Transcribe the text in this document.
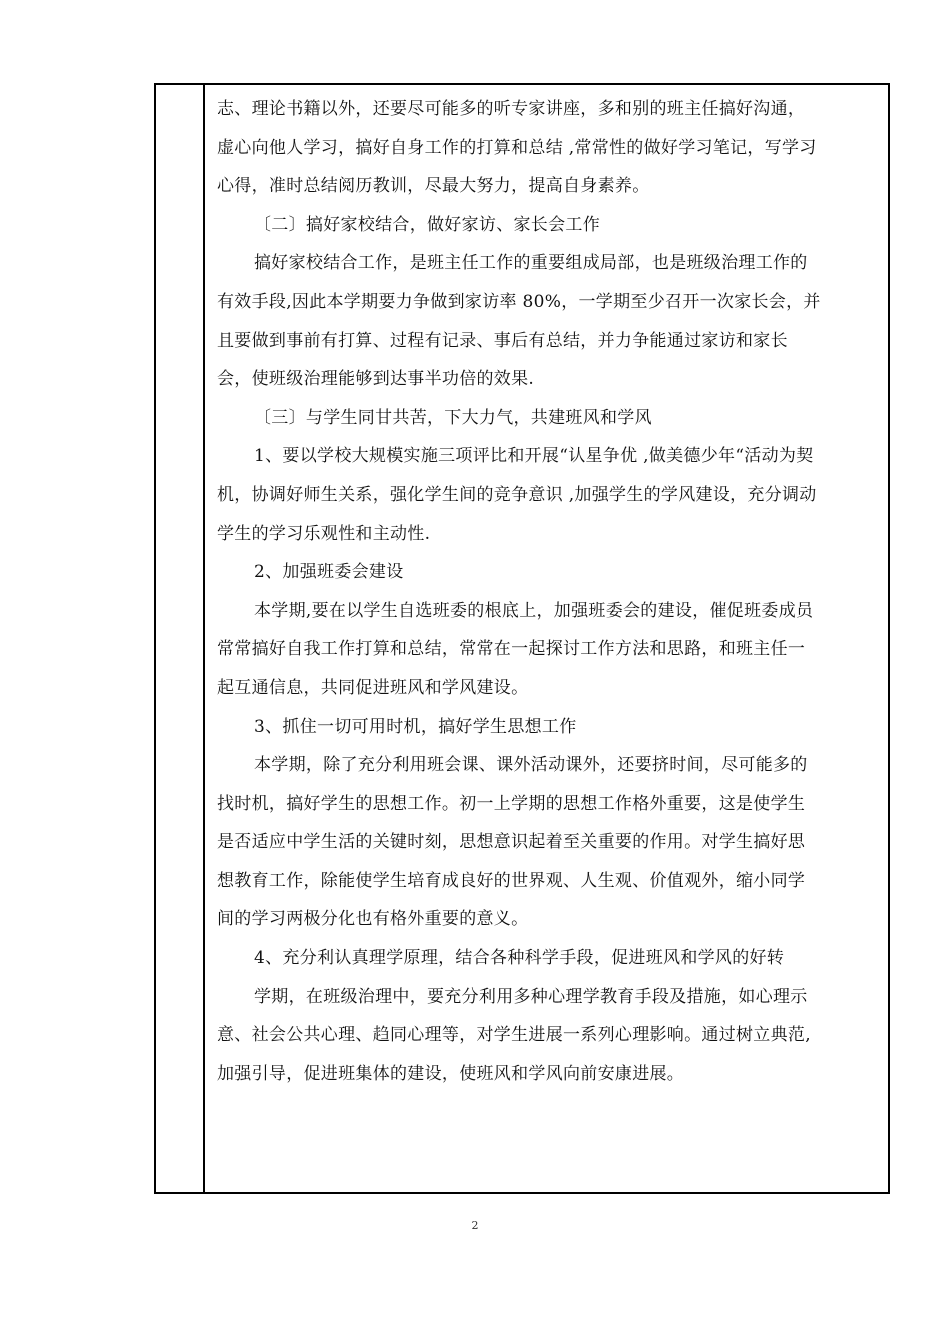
志、理论书籍以外，还要尽可能多的听专家讲座，多和别的班主任搞好沟通，
虚心向他人学习，搞好自身工作的打算和总结 ,常常性的做好学习笔记，写学习
心得，准时总结阅历教训，尽最大努力，提高自身素养。
〔二〕搞好家校结合，做好家访、家长会工作
搞好家校结合工作，是班主任工作的重要组成局部，也是班级治理工作的
有效手段,因此本学期要力争做到家访率 80%，一学期至少召开一次家长会，并
且要做到事前有打算、过程有记录、事后有总结，并力争能通过家访和家长
会，使班级治理能够到达事半功倍的效果.
〔三〕与学生同甘共苦，下大力气，共建班风和学风
1、要以学校大规模实施三项评比和开展“认星争优 ,做美德少年“活动为契
机，协调好师生关系，强化学生间的竞争意识 ,加强学生的学风建设，充分调动
学生的学习乐观性和主动性.
2、加强班委会建设
本学期,要在以学生自选班委的根底上，加强班委会的建设，催促班委成员
常常搞好自我工作打算和总结，常常在一起探讨工作方法和思路，和班主任一
起互通信息，共同促进班风和学风建设。
3、抓住一切可用时机，搞好学生思想工作
本学期，除了充分利用班会课、课外活动课外，还要挤时间，尽可能多的
找时机，搞好学生的思想工作。初一上学期的思想工作格外重要，这是使学生
是否适应中学生活的关键时刻，思想意识起着至关重要的作用。对学生搞好思
想教育工作，除能使学生培育成良好的世界观、人生观、价值观外，缩小同学
间的学习两极分化也有格外重要的意义。
4、充分利认真理学原理，结合各种科学手段，促进班风和学风的好转
学期，在班级治理中，要充分利用多种心理学教育手段及措施，如心理示
意、社会公共心理、趋同心理等，对学生进展一系列心理影响。通过树立典范,
加强引导，促进班集体的建设，使班风和学风向前安康进展。
2
